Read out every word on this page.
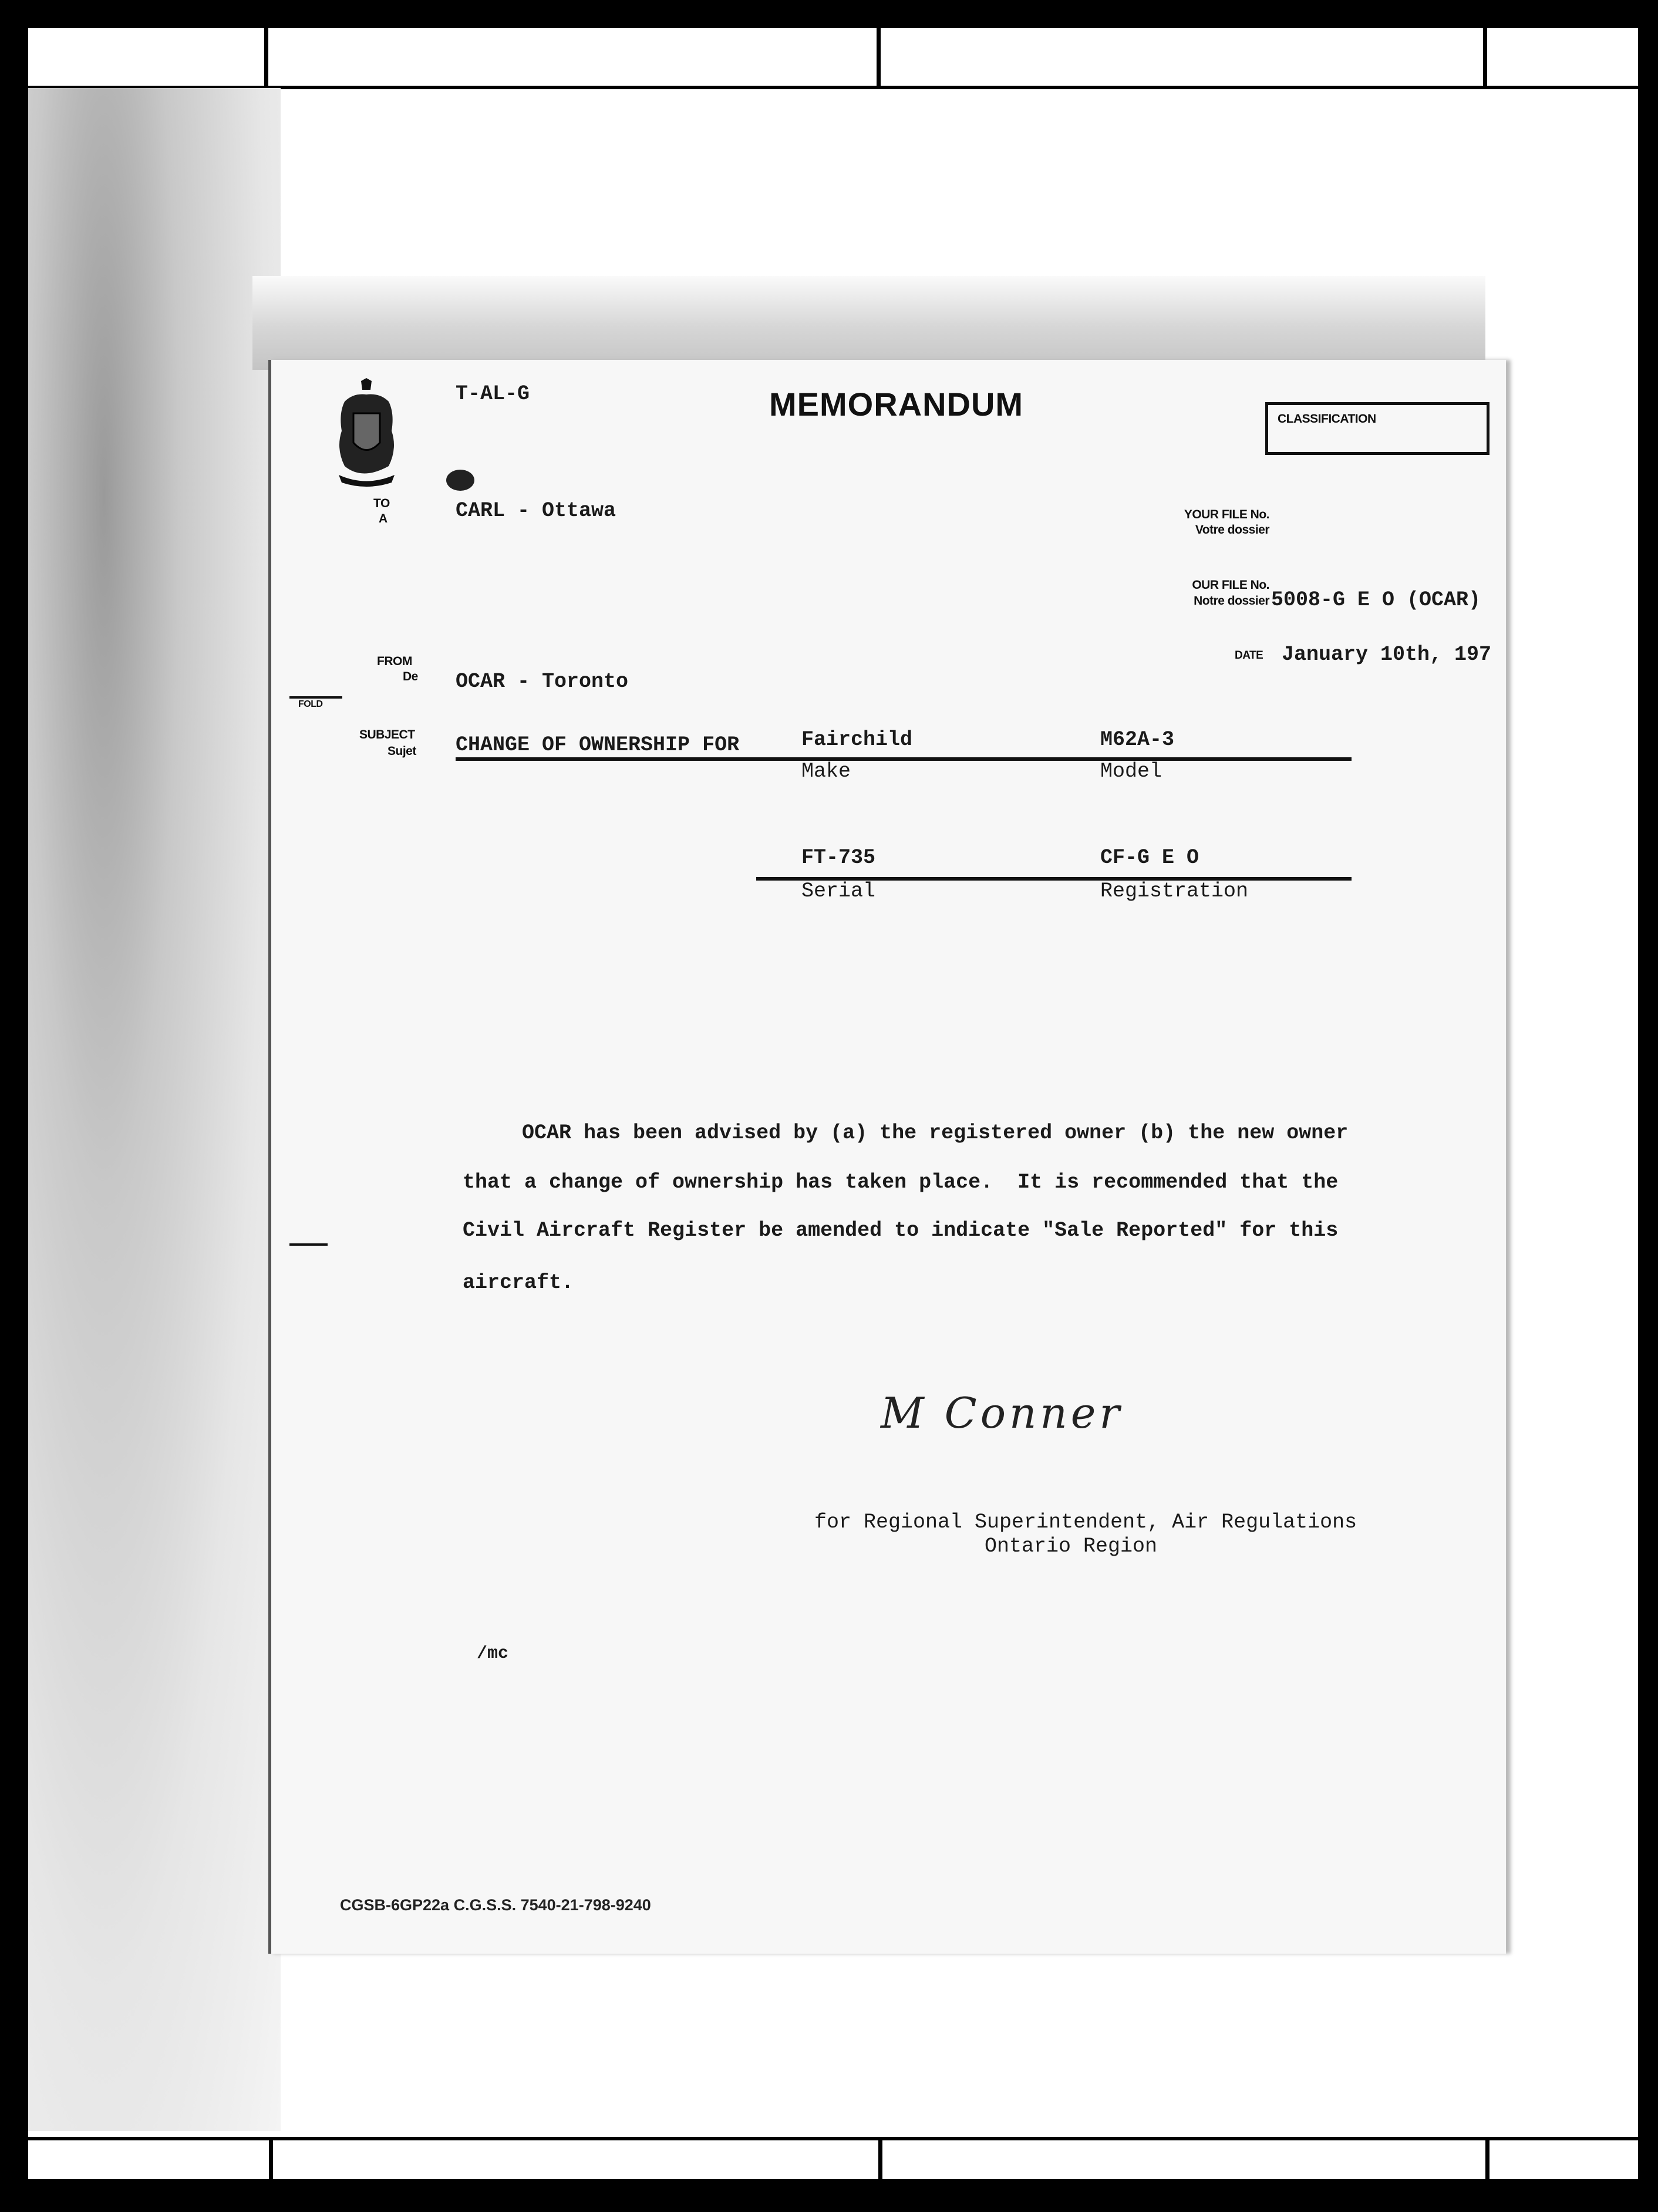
T-AL-G	MEMORANDUM

	CLASSIFICATION

TO
A	CARL - Ottawa	YOUR FILE No.
Votre dossier
OUR FILE No.
Notre dossier 5008-G E O (OCAR)
DATE January 10th, 197
FROM
De OCAR - Toronto
FOLD
SUBJECT
Sujet CHANGE OF OWNERSHIP FOR	Fairchild	M62A-3
Make	Model
FT-735	CF-G E O
Serial	Registration
OCAR has been advised by (a) the registered owner (b) the new owner
that a change of ownership has taken place.  It is recommended that the
Civil Aircraft Register be amended to indicate "Sale Reported" for this
aircraft.
M Conner
for Regional Superintendent, Air Regulations
Ontario Region
/mc
CGSB-6GP22a C.G.S.S. 7540-21-798-9240
